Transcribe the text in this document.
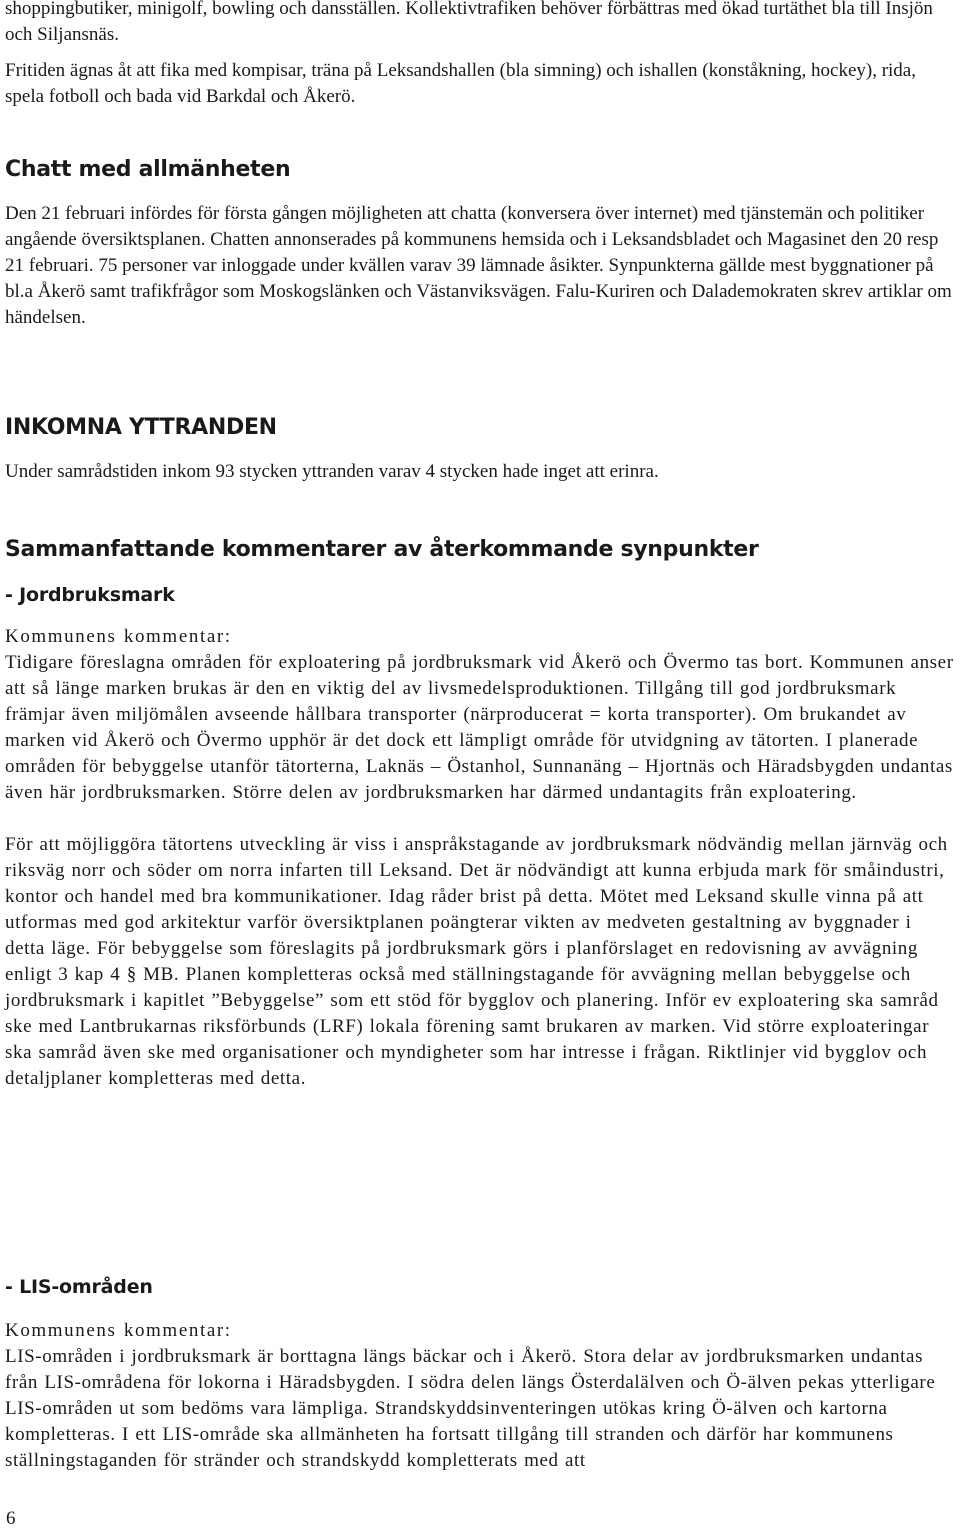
shoppingbutiker, minigolf, bowling och dansställen. Kollektivtrafiken behöver förbättras med ökad turtäthet bla till Insjön och Siljansnäs.

Fritiden ägnas åt att fika med kompisar, träna på Leksandshallen (bla simning) och ishallen (konståkning, hockey), rida, spela fotboll och bada vid Barkdal och Åkerö.

Chatt med allmänheten

Den 21 februari infördes för första gången möjligheten att chatta (konversera över internet) med tjänstemän och politiker angående översiktsplanen. Chatten annonserades på kommunens hemsida och i Leksandsbladet och Magasinet den 20 resp 21 februari. 75 personer var inloggade under kvällen varav 39 lämnade åsikter. Synpunkterna gällde mest byggnationer på bl.a Åkerö samt trafikfrågor som Moskogslänken och Västanviksvägen. Falu-Kuriren och Dalademokraten skrev artiklar om händelsen.

INKOMNA YTTRANDEN

Under samrådstiden inkom 93 stycken yttranden varav 4 stycken hade inget att erinra.

Sammanfattande kommentarer av återkommande synpunkter
- Jordbruksmark

Kommunens kommentar:

Tidigare föreslagna områden för exploatering på jordbruksmark vid Åkerö och Övermo tas bort. Kommunen anser att så länge marken brukas är den en viktig del av livsmedelsproduktionen. Tillgång till god jordbruksmark främjar även miljömålen avseende hållbara transporter (närproducerat = korta transporter). Om brukandet av marken vid Åkerö och Övermo upphör är det dock ett lämpligt område för utvidgning av tätorten. I planerade områden för bebyggelse utanför tätorterna, Laknäs – Östanhol, Sunnanäng – Hjortnäs och Häradsbygden undantas även här jordbruksmarken. Större delen av jordbruksmarken har därmed undantagits från exploatering.

För att möjliggöra tätortens utveckling är viss i anspråkstagande av jordbruksmark nödvändig mellan järnväg och riksväg norr och söder om norra infarten till Leksand. Det är nödvändigt att kunna erbjuda mark för småindustri, kontor och handel med bra kommunikationer. Idag råder brist på detta. Mötet med Leksand skulle vinna på att utformas med god arkitektur varför översiktplanen poängterar vikten av medveten gestaltning av byggnader i detta läge. För bebyggelse som föreslagits på jordbruksmark görs i planförslaget en redovisning av avvägning enligt 3 kap 4 § MB. Planen kompletteras också med ställningstagande för avvägning mellan bebyggelse och jordbruksmark i kapitlet ”Bebyggelse” som ett stöd för bygglov och planering. Inför ev exploatering ska samråd ske med Lantbrukarnas riksförbunds (LRF) lokala förening samt brukaren av marken. Vid större exploateringar ska samråd även ske med organisationer och myndigheter som har intresse i frågan. Riktlinjer vid bygglov och detaljplaner kompletteras med detta.

- LIS-områden

Kommunens kommentar:

LIS-områden i jordbruksmark är borttagna längs bäckar och i Åkerö. Stora delar av jordbruksmarken undantas från LIS-områdena för lokorna i Häradsbygden. I södra delen längs Österdalälven och Ö-älven pekas ytterligare LIS-områden ut som bedöms vara lämpliga. Strandskyddsinventeringen utökas kring Ö-älven och kartorna kompletteras. I ett LIS-område ska allmänheten ha fortsatt tillgång till stranden och därför har kommunens ställningstaganden för stränder och strandskydd kompletterats med att

6
